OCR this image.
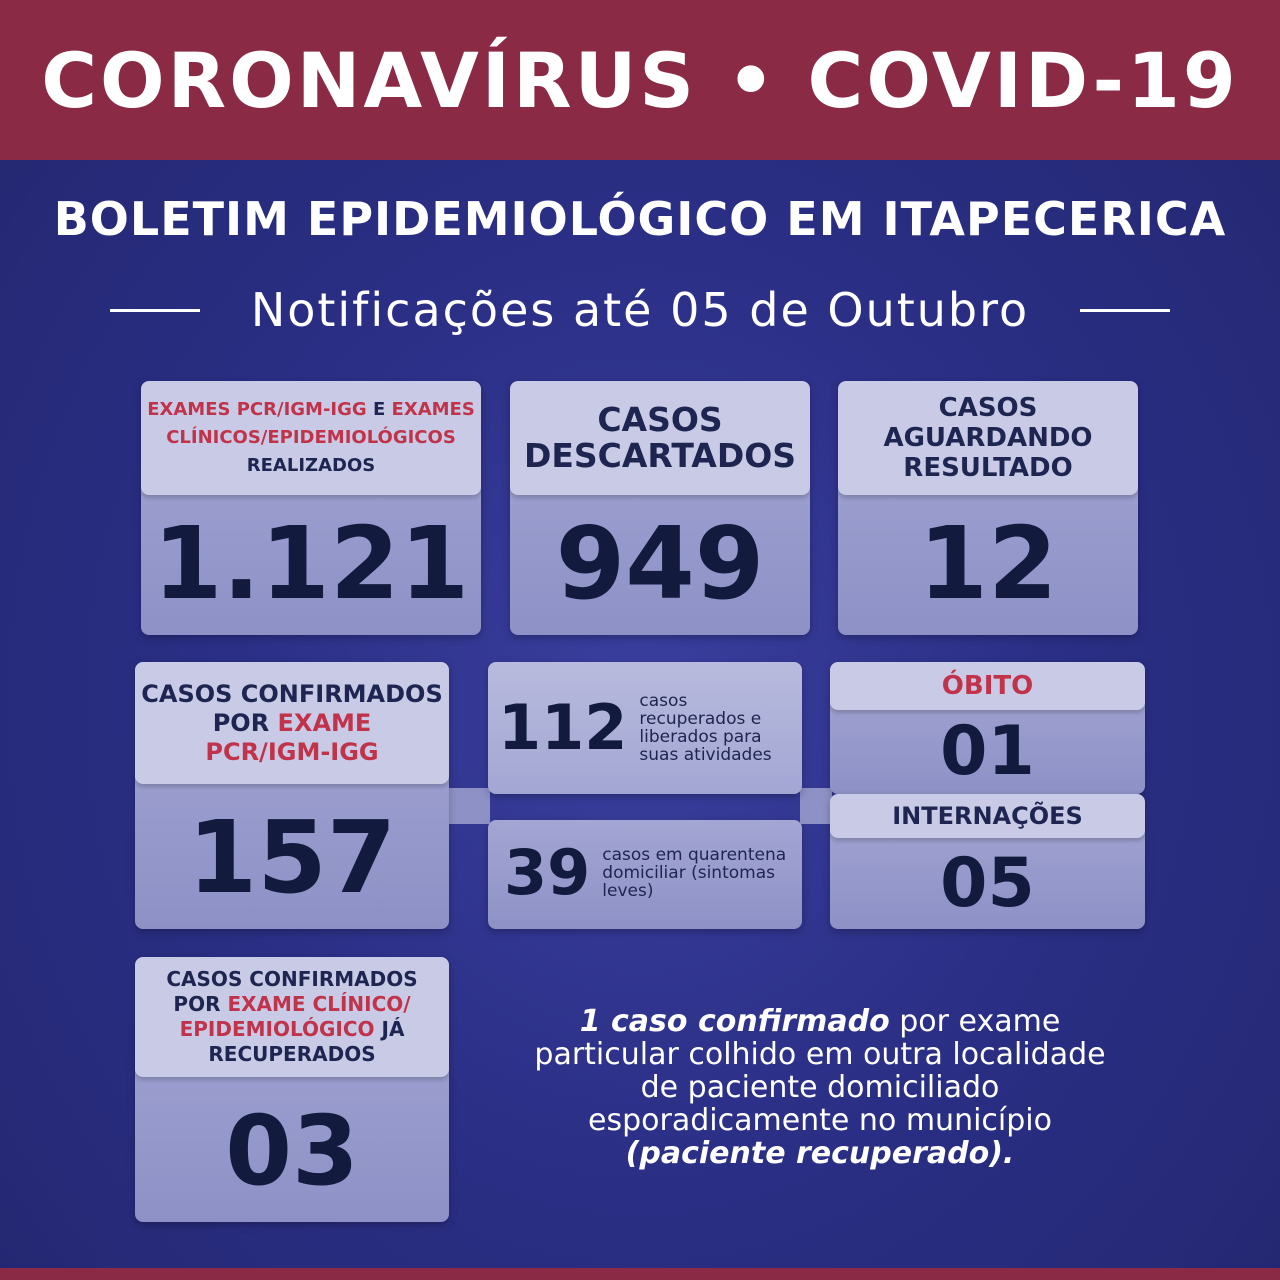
CORONAVÍRUS • COVID-19
BOLETIM EPIDEMIOLÓGICO EM ITAPECERICA
Notificações até 05 de Outubro
EXAMES PCR/IGM-IGG E EXAMES
CLÍNICOS/EPIDEMIOLÓGICOS
REALIZADOS
1.121
CASOS
DESCARTADOS
949
CASOS
AGUARDANDO
RESULTADO
12
CASOS CONFIRMADOS
POR EXAME
PCR/IGM-IGG
157
112 casos recuperados e liberados para suas atividades
39 casos em quarentena domiciliar (sintomas leves)
ÓBITO
01
INTERNAÇÕES
05
CASOS CONFIRMADOS
POR EXAME CLÍNICO/
EPIDEMIOLÓGICO JÁ
RECUPERADOS
03
1 caso confirmado por exame particular colhido em outra localidade de paciente domiciliado esporadicamente no município (paciente recuperado).
